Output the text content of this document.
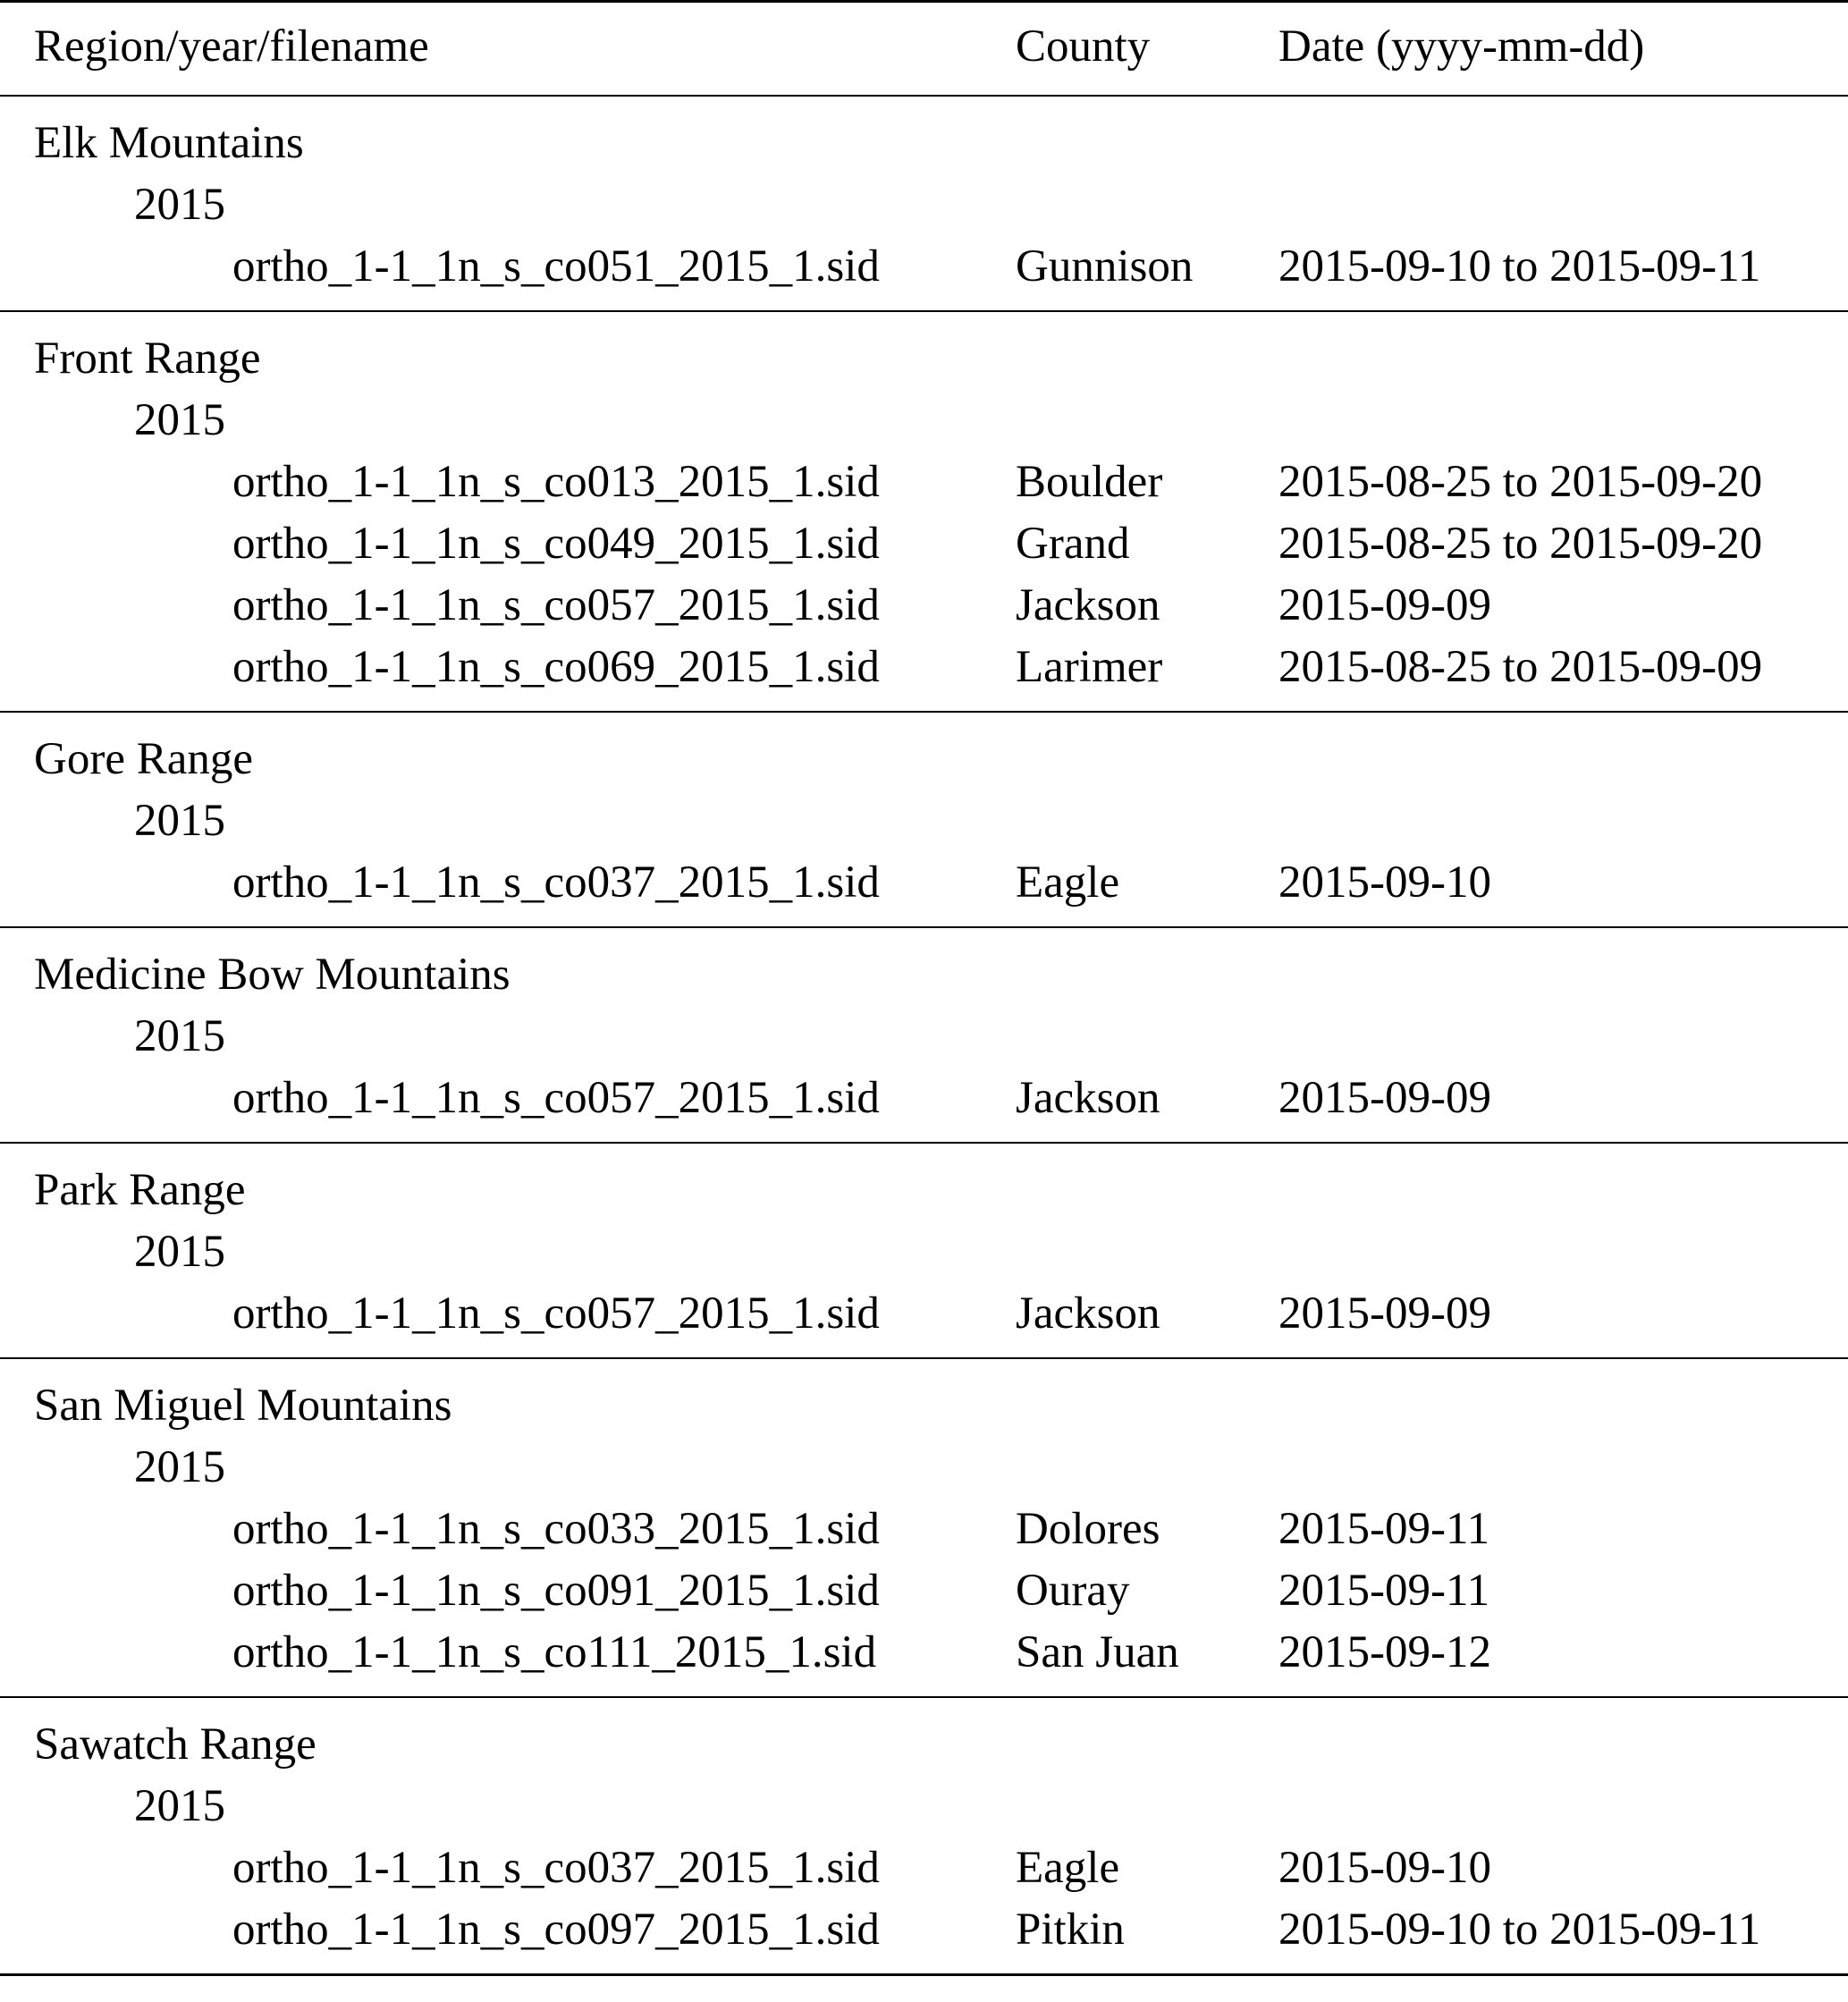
Region/year/filename	County	Date (yyyy-mm-dd)
Elk Mountains
2015
ortho_1-1_1n_s_co051_2015_1.sid	Gunnison 2015-09-10 to 2015-09-11
Front Range
2015
ortho_1-1_1n_s_co013_2015_1.sid	Boulder	2015-08-25 to 2015-09-20
ortho_1-1_1n_s_co049_2015_1.sid	Grand	2015-08-25 to 2015-09-20
ortho_1-1_1n_s_co057_2015_1.sid	Jackson	2015-09-09
ortho_1-1_1n_s_co069_2015_1.sid	Larimer	2015-08-25 to 2015-09-09
Gore Range
2015
ortho_1-1_1n_s_co037_2015_1.sid	Eagle	2015-09-10
Medicine Bow Mountains
2015
ortho_1-1_1n_s_co057_2015_1.sid	Jackson	2015-09-09
Park Range
2015
ortho_1-1_1n_s_co057_2015_1.sid	Jackson	2015-09-09
San Miguel Mountains
2015
ortho_1-1_1n_s_co033_2015_1.sid	Dolores	2015-09-11
ortho_1-1_1n_s_co091_2015_1.sid	Ouray	2015-09-11
ortho_1-1_1n_s_co111_2015_1.sid	San Juan 2015-09-12
Sawatch Range
2015
ortho_1-1_1n_s_co037_2015_1.sid	Eagle	2015-09-10
ortho_1-1_1n_s_co097_2015_1.sid	Pitkin	2015-09-10 to 2015-09-11
